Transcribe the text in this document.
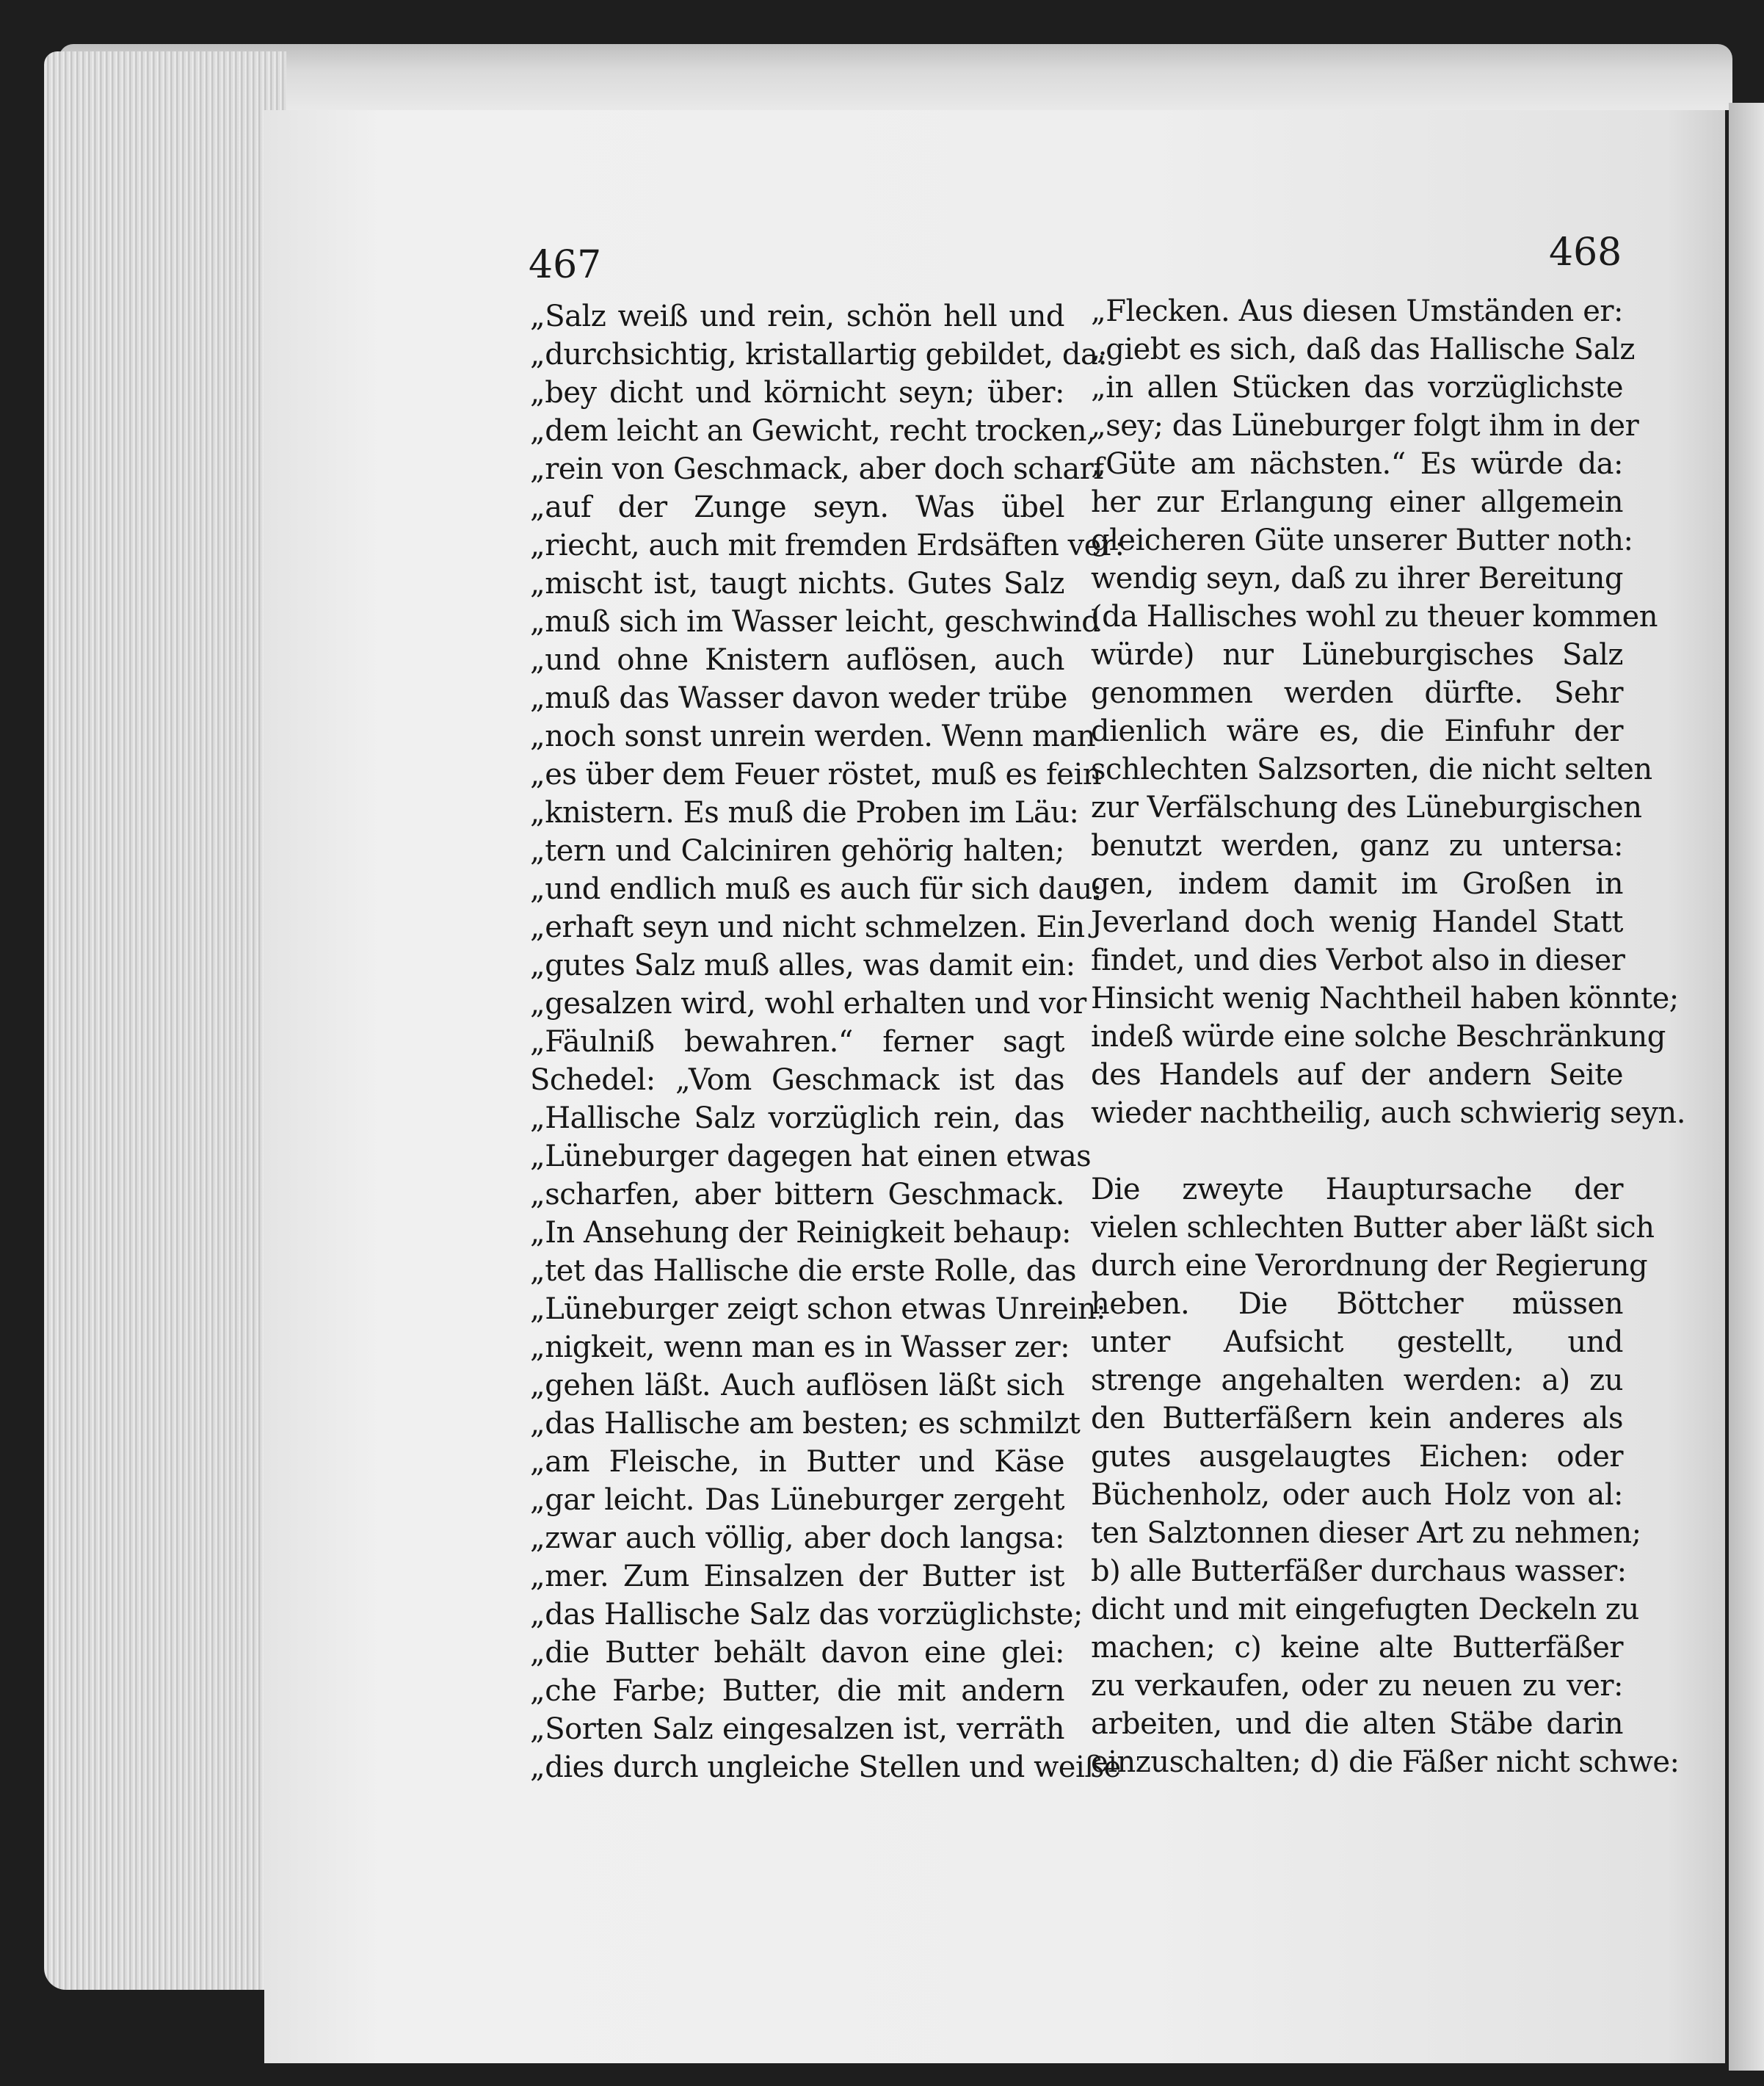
467	468
„Salz weiß und rein, schön hell und
„durchsichtig, kristallartig gebildet, da:
„bey dicht und körnicht seyn; über:
„dem leicht an Gewicht, recht trocken,
„rein von Geschmack, aber doch scharf
„auf der Zunge seyn. Was übel
„riecht, auch mit fremden Erdsäften ver:
„mischt ist, taugt nichts. Gutes Salz
„muß sich im Wasser leicht, geschwind
„und ohne Knistern auflösen, auch
„muß das Wasser davon weder trübe
„noch sonst unrein werden. Wenn man
„es über dem Feuer röstet, muß es fein
„knistern. Es muß die Proben im Läu:
„tern und Calciniren gehörig halten;
„und endlich muß es auch für sich dau:
„erhaft seyn und nicht schmelzen. Ein
„gutes Salz muß alles, was damit ein:
„gesalzen wird, wohl erhalten und vor
„Fäulniß bewahren.“ ferner sagt
Schedel: „Vom Geschmack ist das
„Hallische Salz vorzüglich rein, das
„Lüneburger dagegen hat einen etwas
„scharfen, aber bittern Geschmack.
„In Ansehung der Reinigkeit behaup:
„tet das Hallische die erste Rolle, das
„Lüneburger zeigt schon etwas Unrein:
„nigkeit, wenn man es in Wasser zer:
„gehen läßt. Auch auflösen läßt sich
„das Hallische am besten; es schmilzt
„am Fleische, in Butter und Käse
„gar leicht. Das Lüneburger zergeht
„zwar auch völlig, aber doch langsa:
„mer. Zum Einsalzen der Butter ist
„das Hallische Salz das vorzüglichste;
„die Butter behält davon eine glei:
„che Farbe; Butter, die mit andern
„Sorten Salz eingesalzen ist, verräth
„dies durch ungleiche Stellen und weiße
„Flecken. Aus diesen Umständen er:
„giebt es sich, daß das Hallische Salz
„in allen Stücken das vorzüglichste
„sey; das Lüneburger folgt ihm in der
„Güte am nächsten.“ Es würde da:
her zur Erlangung einer allgemein
gleicheren Güte unserer Butter noth:
wendig seyn, daß zu ihrer Bereitung
(da Hallisches wohl zu theuer kommen
würde) nur Lüneburgisches Salz
genommen werden dürfte. Sehr
dienlich wäre es, die Einfuhr der
schlechten Salzsorten, die nicht selten
zur Verfälschung des Lüneburgischen
benutzt werden, ganz zu untersa:
gen, indem damit im Großen in
Jeverland doch wenig Handel Statt
findet, und dies Verbot also in dieser
Hinsicht wenig Nachtheil haben könnte;
indeß würde eine solche Beschränkung
des Handels auf der andern Seite
wieder nachtheilig, auch schwierig seyn.
Die zweyte Hauptursache der
vielen schlechten Butter aber läßt sich
durch eine Verordnung der Regierung
heben. Die Böttcher müssen
unter Aufsicht gestellt, und
strenge angehalten werden: a) zu
den Butterfäßern kein anderes als
gutes ausgelaugtes Eichen: oder
Büchenholz, oder auch Holz von al:
ten Salztonnen dieser Art zu nehmen;
b) alle Butterfäßer durchaus wasser:
dicht und mit eingefugten Deckeln zu
machen; c) keine alte Butterfäßer
zu verkaufen, oder zu neuen zu ver:
arbeiten, und die alten Stäbe darin
einzuschalten; d) die Fäßer nicht schwe:
